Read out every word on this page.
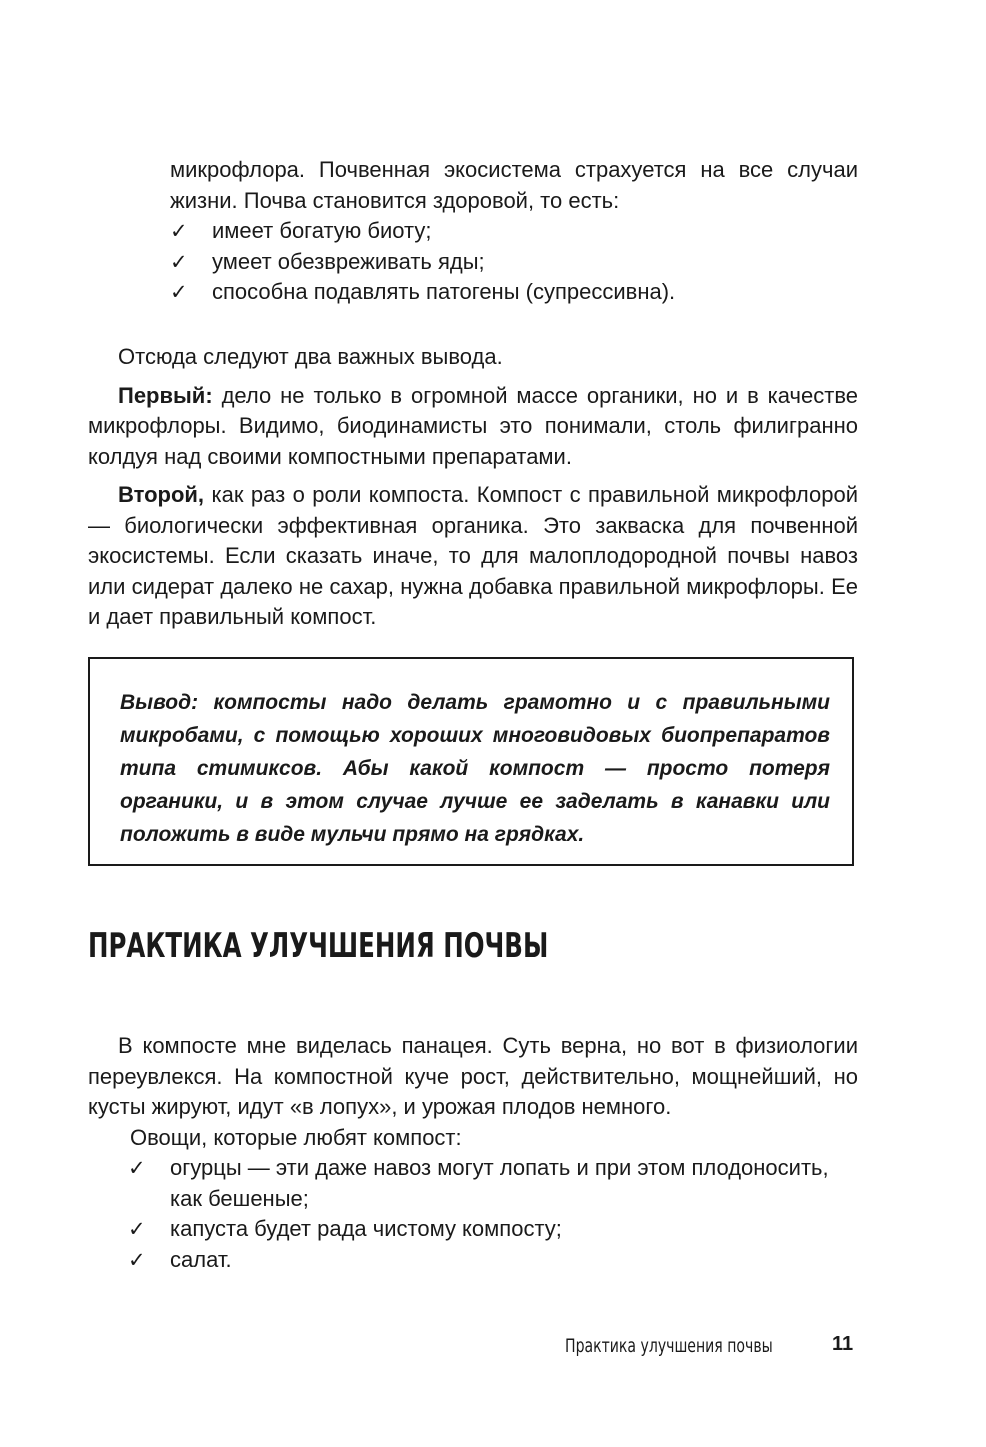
микрофлора. Почвенная экосистема страхуется на все случаи жизни. Почва становится здоровой, то есть:

✓ имеет богатую биоту;
✓ умеет обезвреживать яды;
✓ способна подавлять патогены (супрессивна).

Отсюда следуют два важных вывода.

Первый: дело не только в огромной массе органики, но и в качестве микрофлоры. Видимо, биодинамисты это понимали, столь филигранно колдуя над своими компостными препаратами.

Второй, как раз о роли компоста. Компост с правильной микрофлорой — биологически эффективная органика. Это закваска для почвенной экосистемы. Если сказать иначе, то для малоплодородной почвы навоз или сидерат далеко не сахар, нужна добавка правильной микрофлоры. Ее и дает правильный компост.

Вывод: компосты надо делать грамотно и с правильными микробами, с помощью хороших многовидовых биопрепаратов типа стимиксов. Абы какой компост — просто потеря органики, и в этом случае лучше ее заделать в канавки или положить в виде мульчи прямо на грядках.

ПРАКТИКА УЛУЧШЕНИЯ ПОЧВЫ

В компосте мне виделась панацея. Суть верна, но вот в физиологии переувлекся. На компостной куче рост, действительно, мощнейший, но кусты жируют, идут «в лопух», и урожая плодов немного.

Овощи, которые любят компост:

✓ огурцы — эти даже навоз могут лопать и при этом плодоносить, как бешеные;
✓ капуста будет рада чистому компосту;
✓ салат.

Практика улучшения почвы	11
